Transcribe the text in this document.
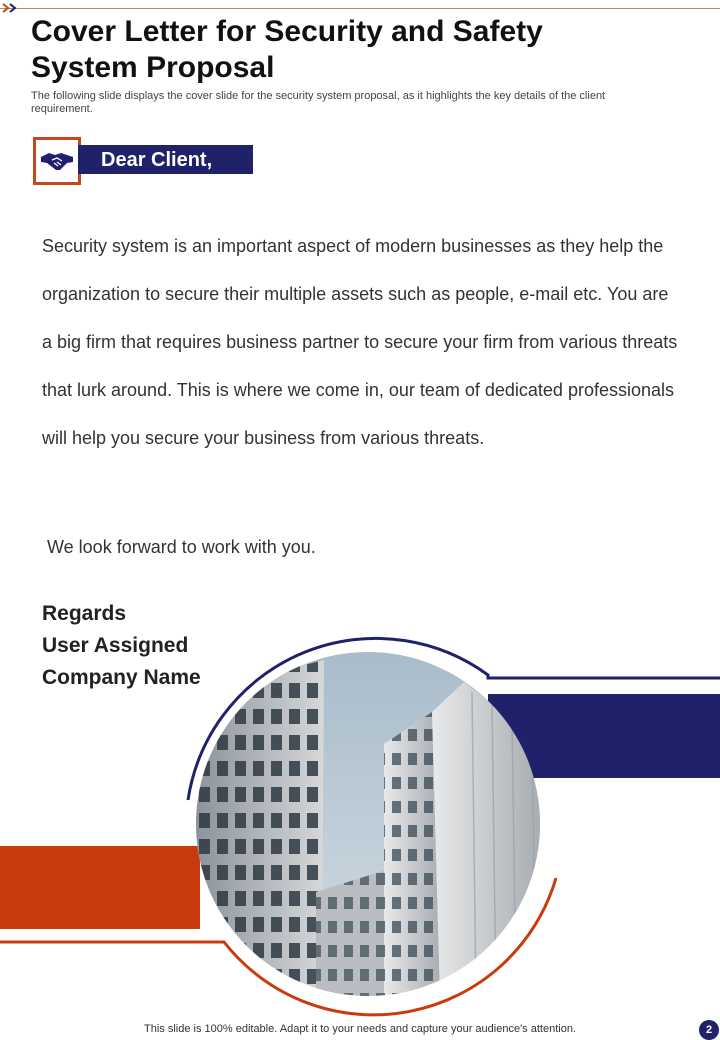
Cover Letter for Security and Safety System Proposal

The following slide displays the cover slide for the security system proposal, as it highlights the key details of the client requirement.

Dear Client,

Security system is an important aspect of modern businesses as they help the organization to secure their multiple assets such as people, e-mail etc. You are a big firm that requires business partner to secure your firm from various threats that lurk around. This is where we come in, our team of dedicated professionals will help you secure your business from various threats.

We look forward to work with you.

Regards

User Assigned

Company Name

This slide is 100% editable. Adapt it to your needs and capture your audience's attention.	2
